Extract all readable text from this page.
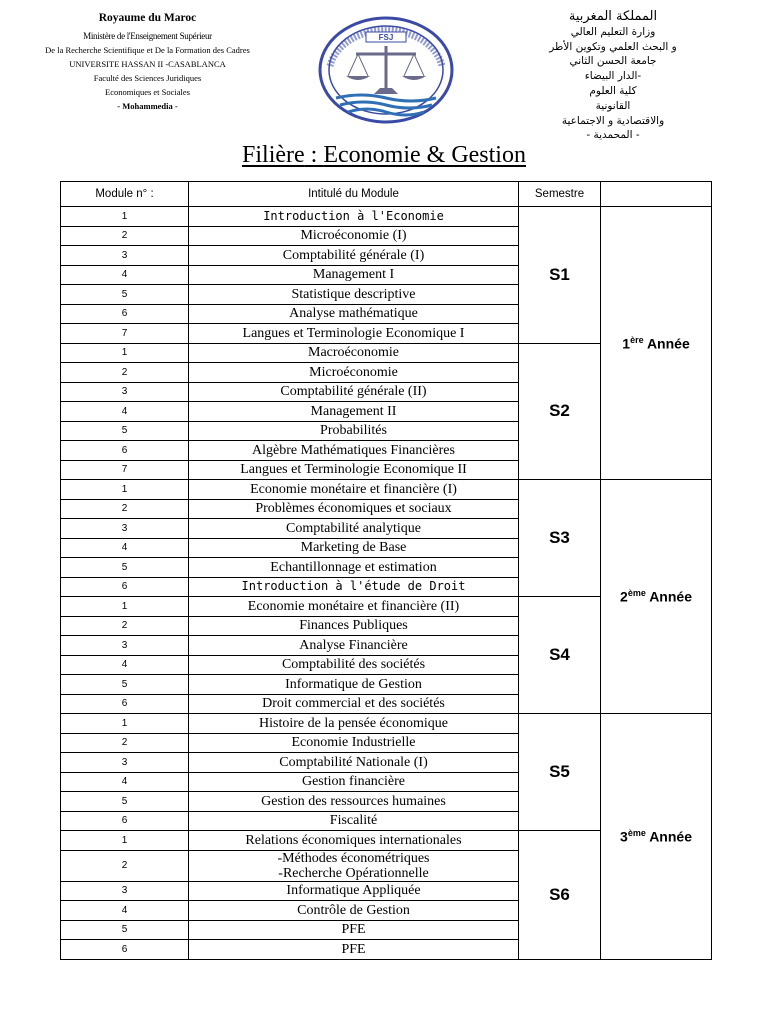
Royaume du Maroc
Ministère de l'Enseignement Supérieur
De la Recherche Scientifique et De la Formation des Cadres
UNIVERSITE HASSAN II -CASABLANCA
Faculté des Sciences Juridiques
Economiques et Sociales
- Mohammedia -
FSJ
المملكة المغربية
وزارة التعليم العالي
و البحث العلمي وتكوين الأطر
جامعة الحسن الثاني
-الدار البيضاء
كلية العلوم
القانونية
والاقتصادية و الاجتماعية
- المحمدية -
Filière : Economie & Gestion
Module n° :	Intitulé du Module	Semestre	
1	Introduction à l'Economie	S1	1ère Année
2	Microéconomie (I)		
3	Comptabilité générale (I)		
4	Management I		
5	Statistique descriptive		
6	Analyse mathématique		
7	Langues et Terminologie Economique I		
1	Macroéconomie	S2	
2	Microéconomie		
3	Comptabilité générale (II)		
4	Management II		
5	Probabilités		
6	Algèbre Mathématiques Financières		
7	Langues et Terminologie Economique II		
1	Economie monétaire et financière (I)	S3	2ème Année
2	Problèmes économiques et sociaux		
3	Comptabilité analytique		
4	Marketing de Base		
5	Echantillonnage et estimation		
6	Introduction à l'étude de Droit		
1	Economie monétaire et financière (II)	S4	
2	Finances Publiques		
3	Analyse Financière		
4	Comptabilité des sociétés		
5	Informatique de Gestion		
6	Droit commercial et des sociétés		
1	Histoire de la pensée économique	S5	3ème Année
2	Economie Industrielle		
3	Comptabilité Nationale (I)		
4	Gestion financière		
5	Gestion des ressources humaines		
6	Fiscalité		
1	Relations économiques internationales	S6	
2	-Méthodes économétriques
-Recherche Opérationnelle		

3	Informatique Appliquée		
4	Contrôle de Gestion		
5	PFE		
6	PFE		
